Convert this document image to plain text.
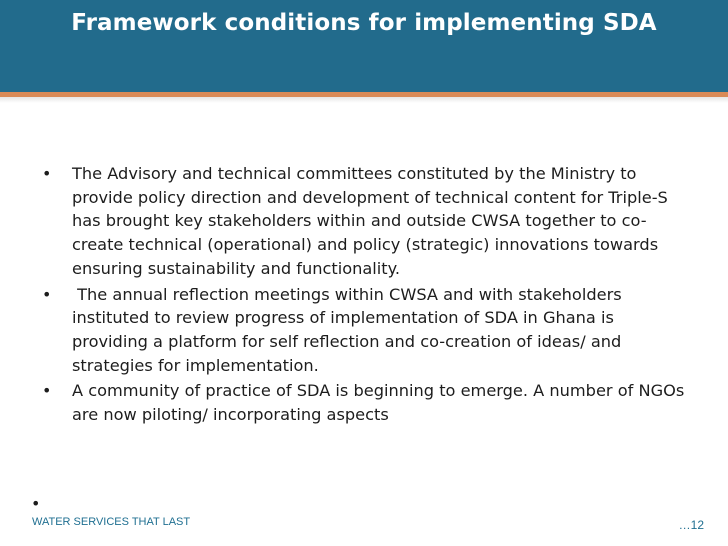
Framework conditions for implementing SDA
• The Advisory and technical committees constituted by the Ministry to provide policy direction and development of technical content for Triple-S has brought key stakeholders within and outside CWSA together to co-create technical (operational) and policy (strategic) innovations towards ensuring sustainability and functionality.
• The annual reflection meetings within CWSA and with stakeholders instituted to review progress of implementation of SDA in Ghana is providing a platform for self reflection and co-creation of ideas/ and strategies for implementation.
• A community of practice of SDA is beginning to emerge. A number of NGOs are now piloting/ incorporating aspects
•
WATER SERVICES THAT LAST	…12
